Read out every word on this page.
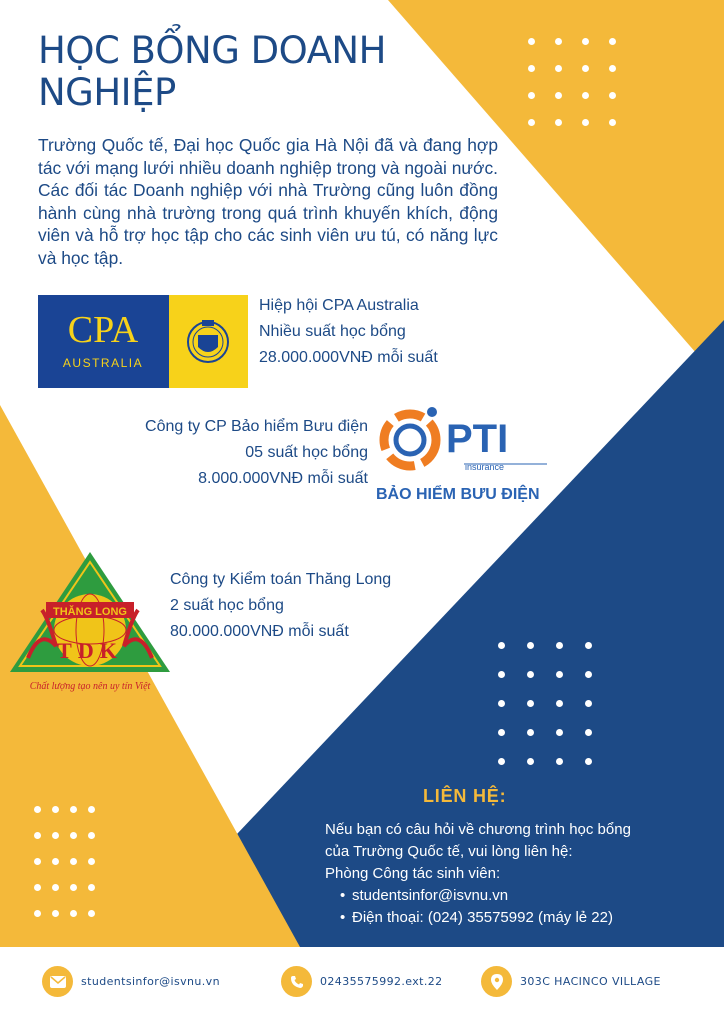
HỌC BỔNG DOANH NGHIỆP

Trường Quốc tế, Đại học Quốc gia Hà Nội đã và đang hợp tác với mạng lưới nhiều doanh nghiệp trong và ngoài nước. Các đối tác Doanh nghiệp với nhà Trường cũng luôn đồng hành cùng nhà trường trong quá trình khuyến khích, động viên và hỗ trợ học tập cho các sinh viên ưu tú, có năng lực và học tập.

CPA
AUSTRALIA
Hiệp hội CPA Australia
Nhiều suất học bổng
28.000.000VNĐ mỗi suất
Công ty CP Bảo hiểm Bưu điện
05 suất học bổng
8.000.000VNĐ mỗi suất
PTI
insurance
BẢO HIỂM BƯU ĐIỆN
THĂNG LONG
TDK
Chất lượng tạo nên uy tín Việt
Công ty Kiểm toán Thăng Long
2 suất học bổng
80.000.000VNĐ mỗi suất
LIÊN HỆ:

Nếu bạn có câu hỏi về chương trình học bổng

của Trường Quốc tế, vui lòng liên hệ:

Phòng Công tác sinh viên:

• studentsinfor@isvnu.vn
• Điện thoại: (024) 35575992 (máy lẻ 22)
studentsinfor@isvnu.vn	02435575992.ext.22	303C HACINCO VILLAGE
